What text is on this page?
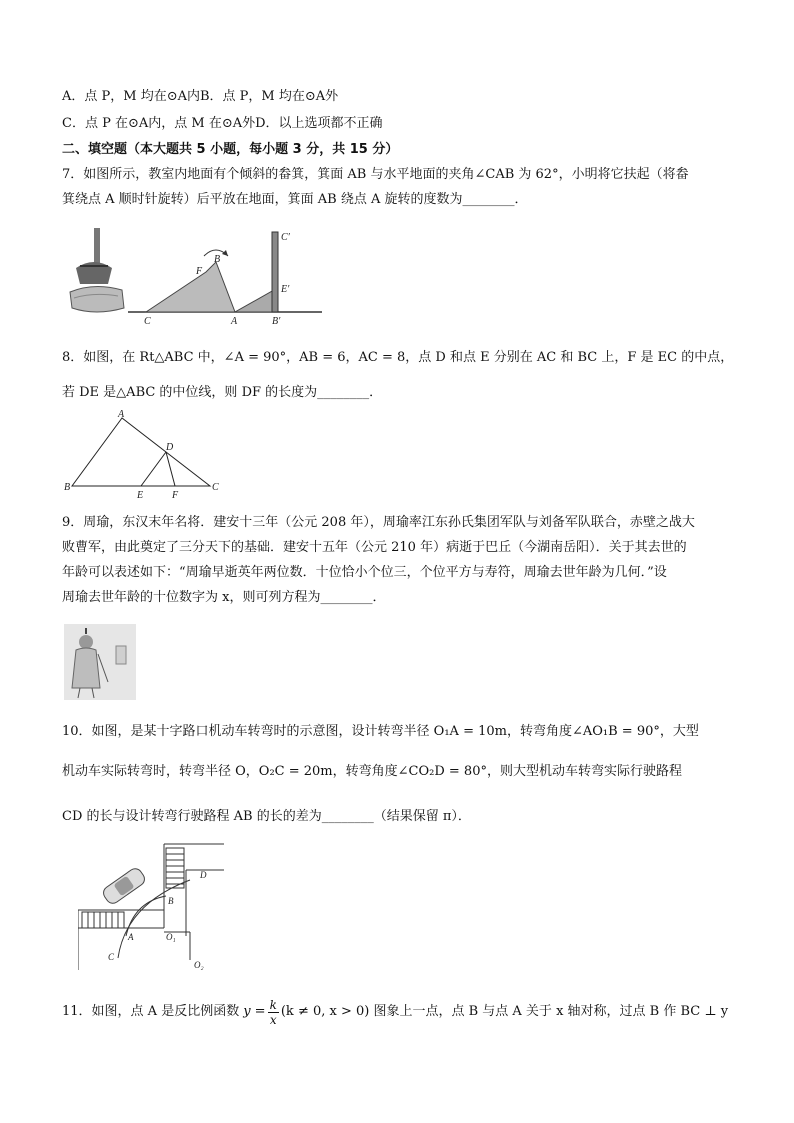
A．点 P，M 均在⊙A内B．点 P，M 均在⊙A外
C．点 P 在⊙A内，点 M 在⊙A外D．以上选项都不正确
二、填空题（本大题共 5 小题，每小题 3 分，共 15 分）
7．如图所示，教室内地面有个倾斜的畚箕，箕面 AB 与水平地面的夹角∠CAB 为 62°，小明将它扶起（将畚
箕绕点 A 顺时针旋转）后平放在地面，箕面 AB 绕点 A 旋转的度数为________．
C
F
B
A	B′
C′
E′
8．如图，在 Rt△ABC 中，∠A = 90°，AB = 6，AC = 8，点 D 和点 E 分别在 AC 和 BC 上，F 是 EC 的中点，
若 DE 是△ABC 的中位线，则 DF 的长度为________．
A
B
D
E	F
C
9．周瑜，东汉末年名将．建安十三年（公元 208 年），周瑜率江东孙氏集团军队与刘备军队联合，赤壁之战大
败曹军，由此奠定了三分天下的基础．建安十五年（公元 210 年）病逝于巴丘（今湖南岳阳）．关于其去世的
年龄可以表述如下：“周瑜早逝英年两位数．十位恰小个位三，个位平方与寿符，周瑜去世年龄为几何．”设
周瑜去世年龄的十位数字为 x，则可列方程为________．
10．如图，是某十字路口机动车转弯时的示意图，设计转弯半径 O₁A = 10m，转弯角度∠AO₁B = 90°，大型
机动车实际转弯时，转弯半径 O，O₂C = 20m，转弯角度∠CO₂D = 80°，则大型机动车转弯实际行驶路程
CD 的长与设计转弯行驶路程 AB 的长的差为________（结果保留 π）．
D
B
A	O₁
C
O₂
11．如图，点 A 是反比例函数 $y = \frac{k}{x} (k \ne 0$, x > 0) 图象上一点，点 B 与点 A 关于 x 轴对称，过点 B 作 BC ⊥ y
